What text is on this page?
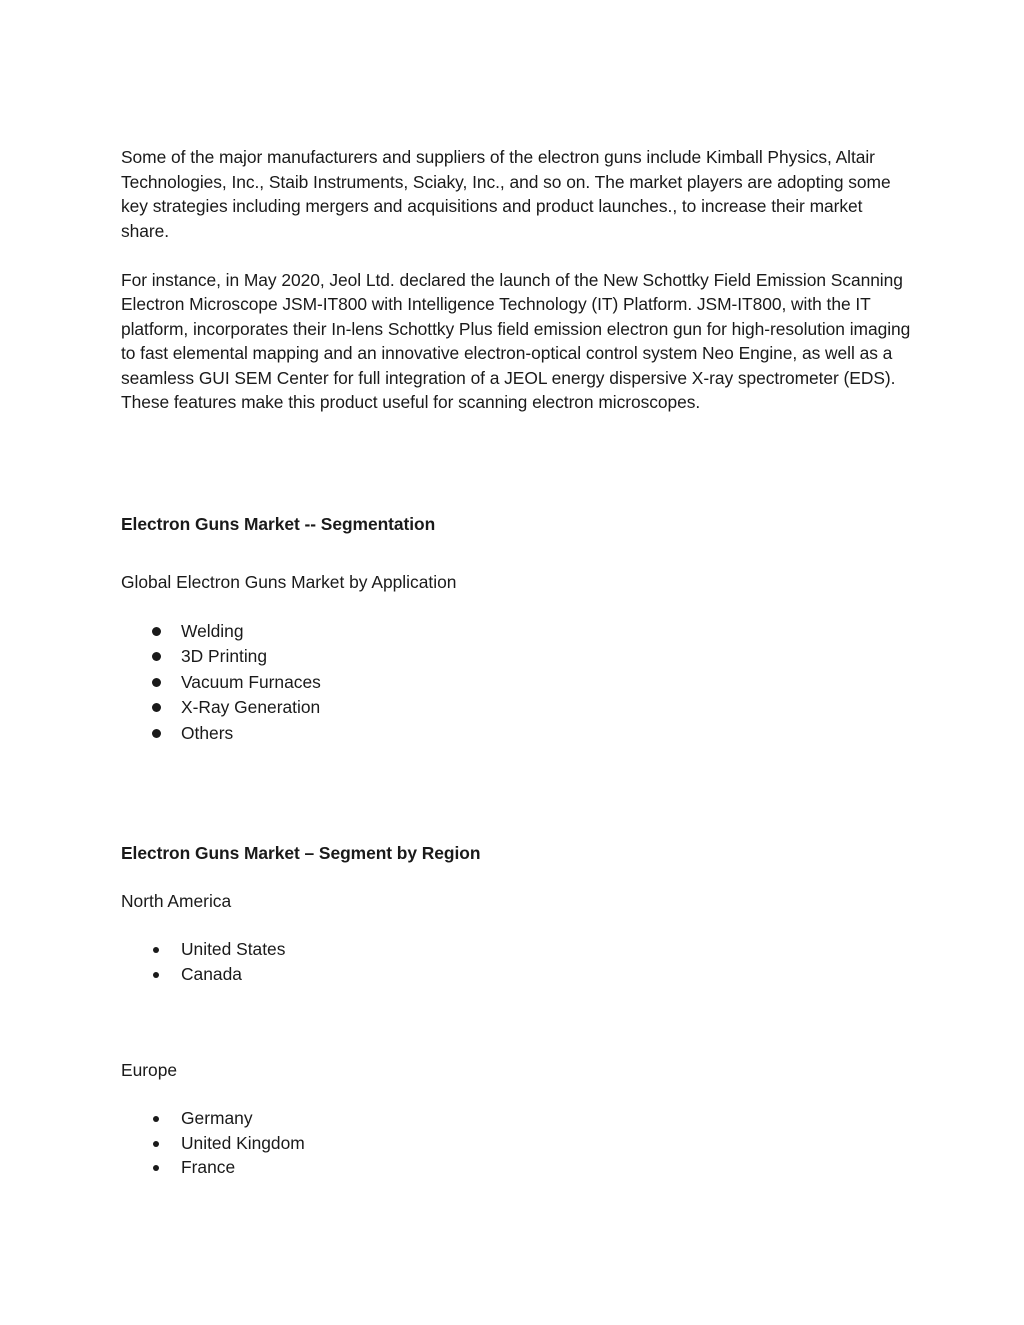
Some of the major manufacturers and suppliers of the electron guns include Kimball Physics, Altair Technologies, Inc., Staib Instruments, Sciaky, Inc., and so on. The market players are adopting some key strategies including mergers and acquisitions and product launches., to increase their market share.

For instance, in May 2020, Jeol Ltd. declared the launch of the New Schottky Field Emission Scanning Electron Microscope JSM-IT800 with Intelligence Technology (IT) Platform. JSM-IT800, with the IT platform, incorporates their In-lens Schottky Plus field emission electron gun for high-resolution imaging to fast elemental mapping and an innovative electron-optical control system Neo Engine, as well as a seamless GUI SEM Center for full integration of a JEOL energy dispersive X-ray spectrometer (EDS). These features make this product useful for scanning electron microscopes.

Electron Guns Market -- Segmentation

Global Electron Guns Market by Application

Welding
3D Printing
Vacuum Furnaces
X-Ray Generation
Others
Electron Guns Market – Segment by Region

North America

United States
Canada

Europe

Germany
United Kingdom
France
